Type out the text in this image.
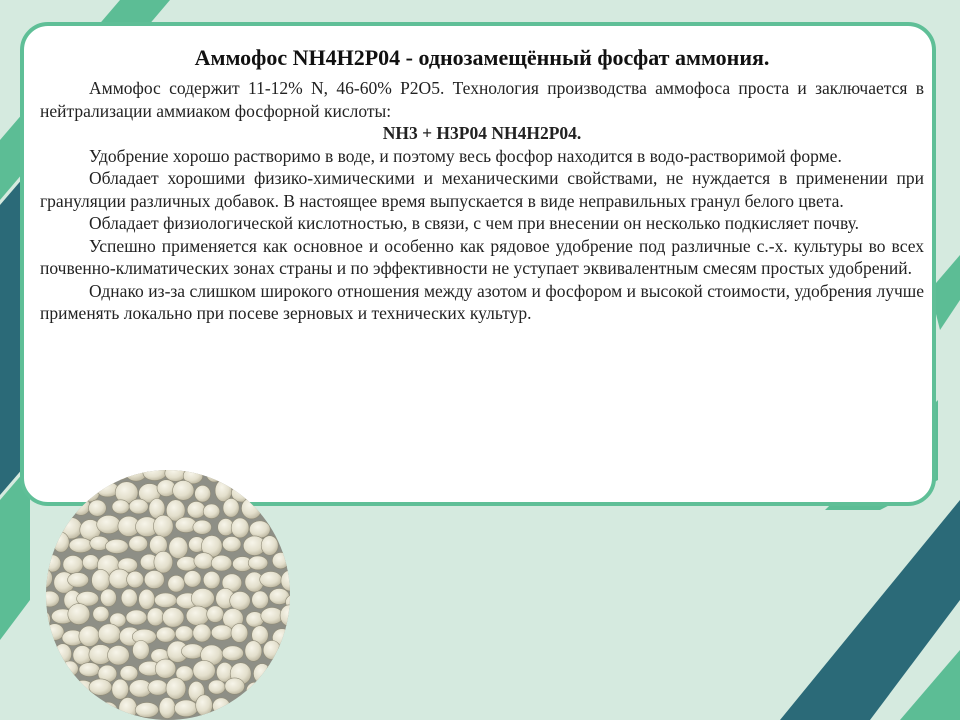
Аммофос NH4H2P04 - однозамещённый фосфат аммония.

Аммофос содержит 11-12% N, 46-60% P2O5. Технология производства аммофоса проста и заключается в нейтрализации аммиаком фосфорной кислоты:

NH3 + H3P04 NH4H2P04.

Удобрение хорошо растворимо в воде, и поэтому весь фосфор находится в водо-растворимой форме.

Обладает хорошими физико-химическими и механическими свойствами, не нуждается в применении при грануляции различных добавок. В настоящее время выпускается в виде неправильных гранул белого цвета.

Обладает физиологической кислотностью, в связи, с чем при внесении он несколько подкисляет почву.

Успешно применяется как основное и особенно как рядовое удобрение под различные с.-х. культуры во всех почвенно-климатических зонах страны и по эффективности не уступает эквивалентным смесям простых удобрений.

Однако из-за слишком широкого отношения между азотом и фосфором и высокой стоимости, удобрения лучше применять локально при посеве зерновых и технических культур.
